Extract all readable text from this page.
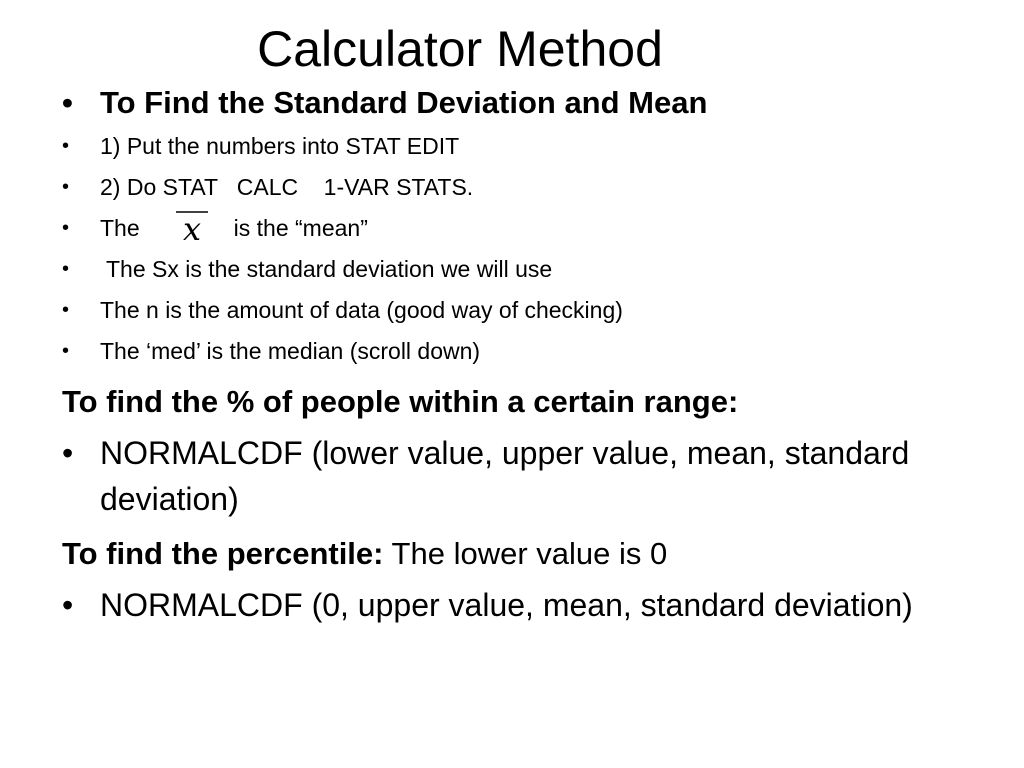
Calculator Method
• To Find the Standard Deviation and Mean
• 1) Put the numbers into STAT EDIT
• 2) Do STAT   CALC    1-VAR STATS.
• The x is the “mean”
• The Sx is the standard deviation we will use
• The n is the amount of data (good way of checking)
• The ‘med’ is the median (scroll down)
To find the % of people within a certain range:
• NORMALCDF (lower value, upper value, mean, standard deviation)
To find the percentile: The lower value is 0
• NORMALCDF (0, upper value, mean, standard deviation)
